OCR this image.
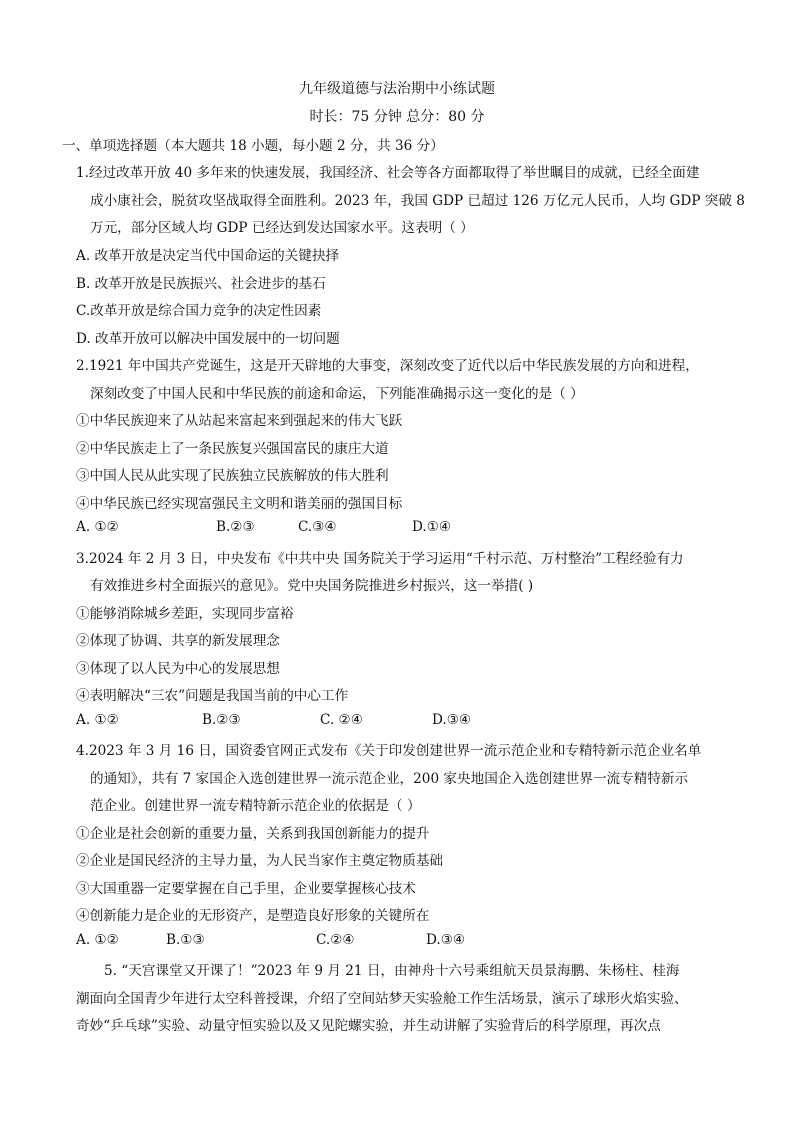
九年级道德与法治期中小练试题
时长：75 分钟 总分：80 分
一、单项选择题（本大题共 18 小题，每小题 2 分，共 36 分）
1.经过改革开放 40 多年来的快速发展，我国经济、社会等各方面都取得了举世瞩目的成就，已经全面建
成小康社会，脱贫攻坚战取得全面胜利。2023 年，我国 GDP 已超过 126 万亿元人民币，人均 GDP 突破 8
万元，部分区域人均 GDP 已经达到发达国家水平。这表明（ ）
A. 改革开放是决定当代中国命运的关键抉择
B. 改革开放是民族振兴、社会进步的基石
C.改革开放是综合国力竞争的决定性因素
D. 改革开放可以解决中国发展中的一切问题
2.1921 年中国共产党诞生，这是开天辟地的大事变，深刻改变了近代以后中华民族发展的方向和进程，
深刻改变了中国人民和中华民族的前途和命运，下列能准确揭示这一变化的是（ ）
①中华民族迎来了从站起来富起来到强起来的伟大飞跃
②中华民族走上了一条民族复兴强国富民的康庄大道
③中国人民从此实现了民族独立民族解放的伟大胜利
④中华民族已经实现富强民主文明和谐美丽的强国目标
A. ①②	B.②③	C.③④	D.①④
3.2024 年 2 月 3 日，中央发布《中共中央 国务院关于学习运用“千村示范、万村整治”工程经验有力
有效推进乡村全面振兴的意见》。党中央国务院推进乡村振兴，这一举措( )
①能够消除城乡差距，实现同步富裕
②体现了协调、共享的新发展理念
③体现了以人民为中心的发展思想
④表明解决“三农”问题是我国当前的中心工作
A. ①②	B.②③	C. ②④	D.③④
4.2023 年 3 月 16 日，国资委官网正式发布《关于印发创建世界一流示范企业和专精特新示范企业名单
的通知》，共有 7 家国企入选创建世界一流示范企业，200 家央地国企入选创建世界一流专精特新示
范企业。创建世界一流专精特新示范企业的依据是（ ）
①企业是社会创新的重要力量，关系到我国创新能力的提升
②企业是国民经济的主导力量，为人民当家作主奠定物质基础
③大国重器一定要掌握在自己手里，企业要掌握核心技术
④创新能力是企业的无形资产，是塑造良好形象的关键所在
A. ①②	B.①③	C.②④	D.③④
5. “天宫课堂又开课了！”2023 年 9 月 21 日，由神舟十六号乘组航天员景海鹏、朱杨柱、桂海
潮面向全国青少年进行太空科普授课，介绍了空间站梦天实验舱工作生活场景，演示了球形火焰实验、
奇妙“乒乓球”实验、动量守恒实验以及又见陀螺实验，并生动讲解了实验背后的科学原理，再次点
